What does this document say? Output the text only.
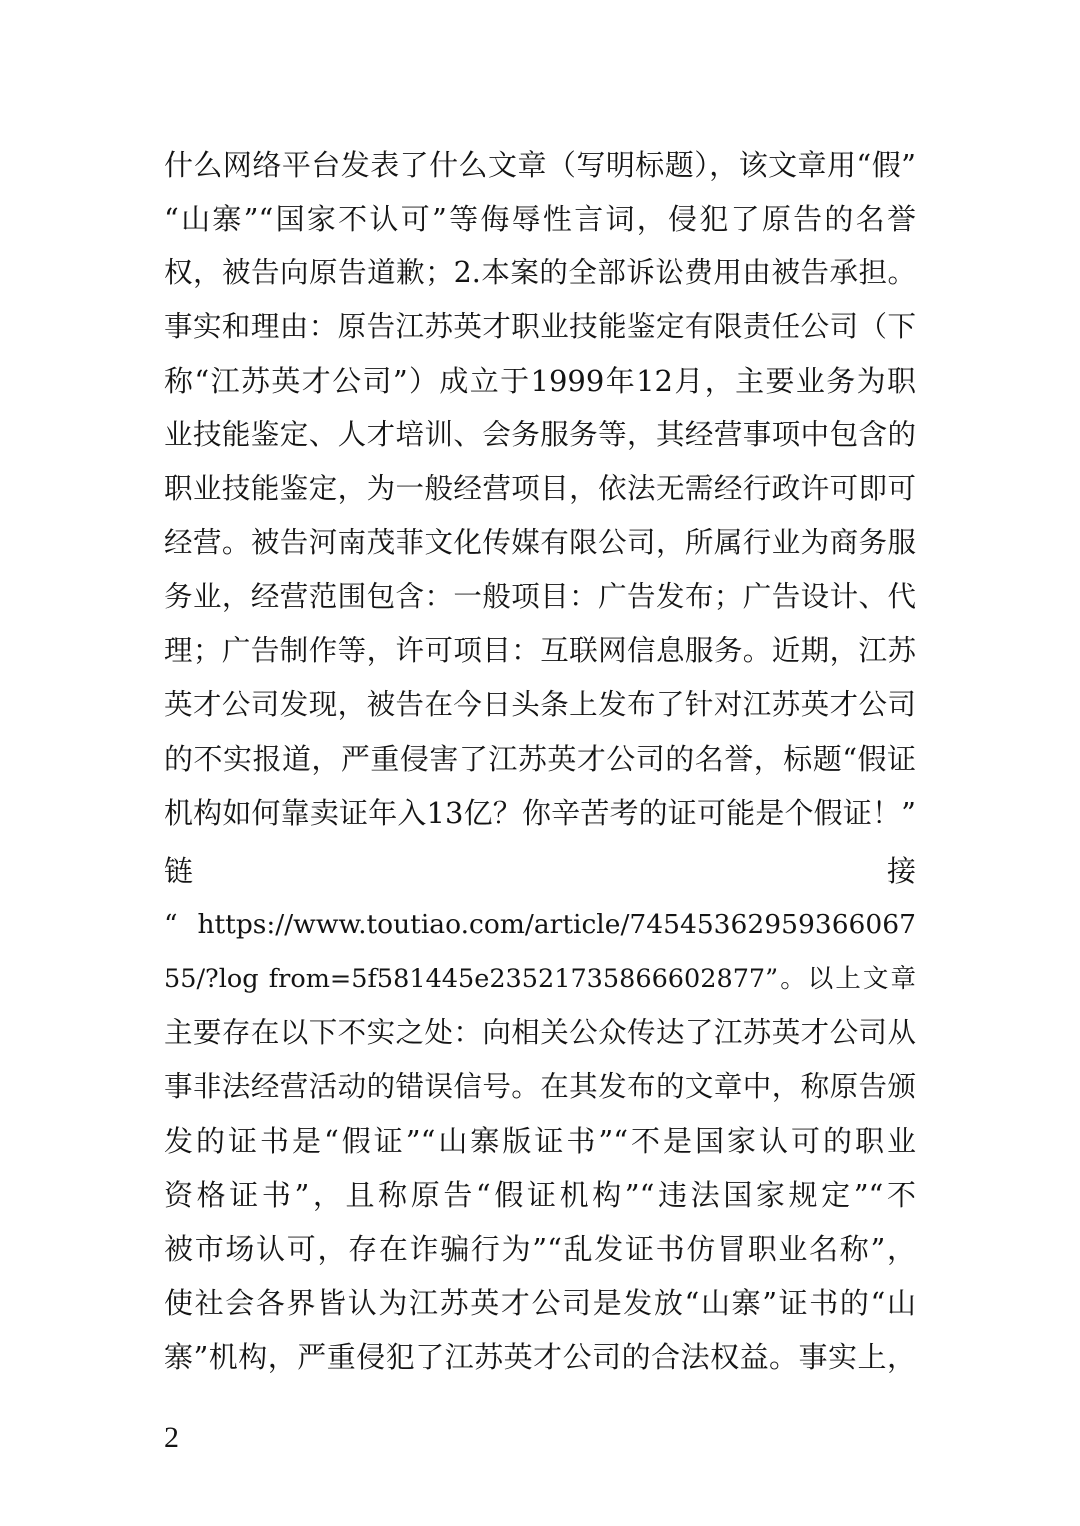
什么网络平台发表了什么文章（写明标题），该文章用“假”
“山寨”“国家不认可”等侮辱性言词，侵犯了原告的名誉
权，被告向原告道歉；2.本案的全部诉讼费用由被告承担。
事实和理由：原告江苏英才职业技能鉴定有限责任公司（下
称“江苏英才公司”）成立于1999年12月，主要业务为职
业技能鉴定、人才培训、会务服务等，其经营事项中包含的
职业技能鉴定，为一般经营项目，依法无需经行政许可即可
经营。被告河南茂菲文化传媒有限公司，所属行业为商务服
务业，经营范围包含：一般项目：广告发布；广告设计、代
理；广告制作等，许可项目：互联网信息服务。近期，江苏
英才公司发现，被告在今日头条上发布了针对江苏英才公司
的不实报道，严重侵害了江苏英才公司的名誉，标题“假证
机构如何靠卖证年入13亿？你辛苦考的证可能是个假证！”
链	接
“ https://www.toutiao.com/article/74545362959366067
55/?log from=5f581445e23521735866602877”。以上文章
主要存在以下不实之处：向相关公众传达了江苏英才公司从
事非法经营活动的错误信号。在其发布的文章中，称原告颁
发的证书是“假证”“山寨版证书”“不是国家认可的职业
资格证书”，且称原告“假证机构”“违法国家规定”“不
被市场认可，存在诈骗行为”“乱发证书仿冒职业名称”，
使社会各界皆认为江苏英才公司是发放“山寨”证书的“山
寨”机构，严重侵犯了江苏英才公司的合法权益。事实上，
2
